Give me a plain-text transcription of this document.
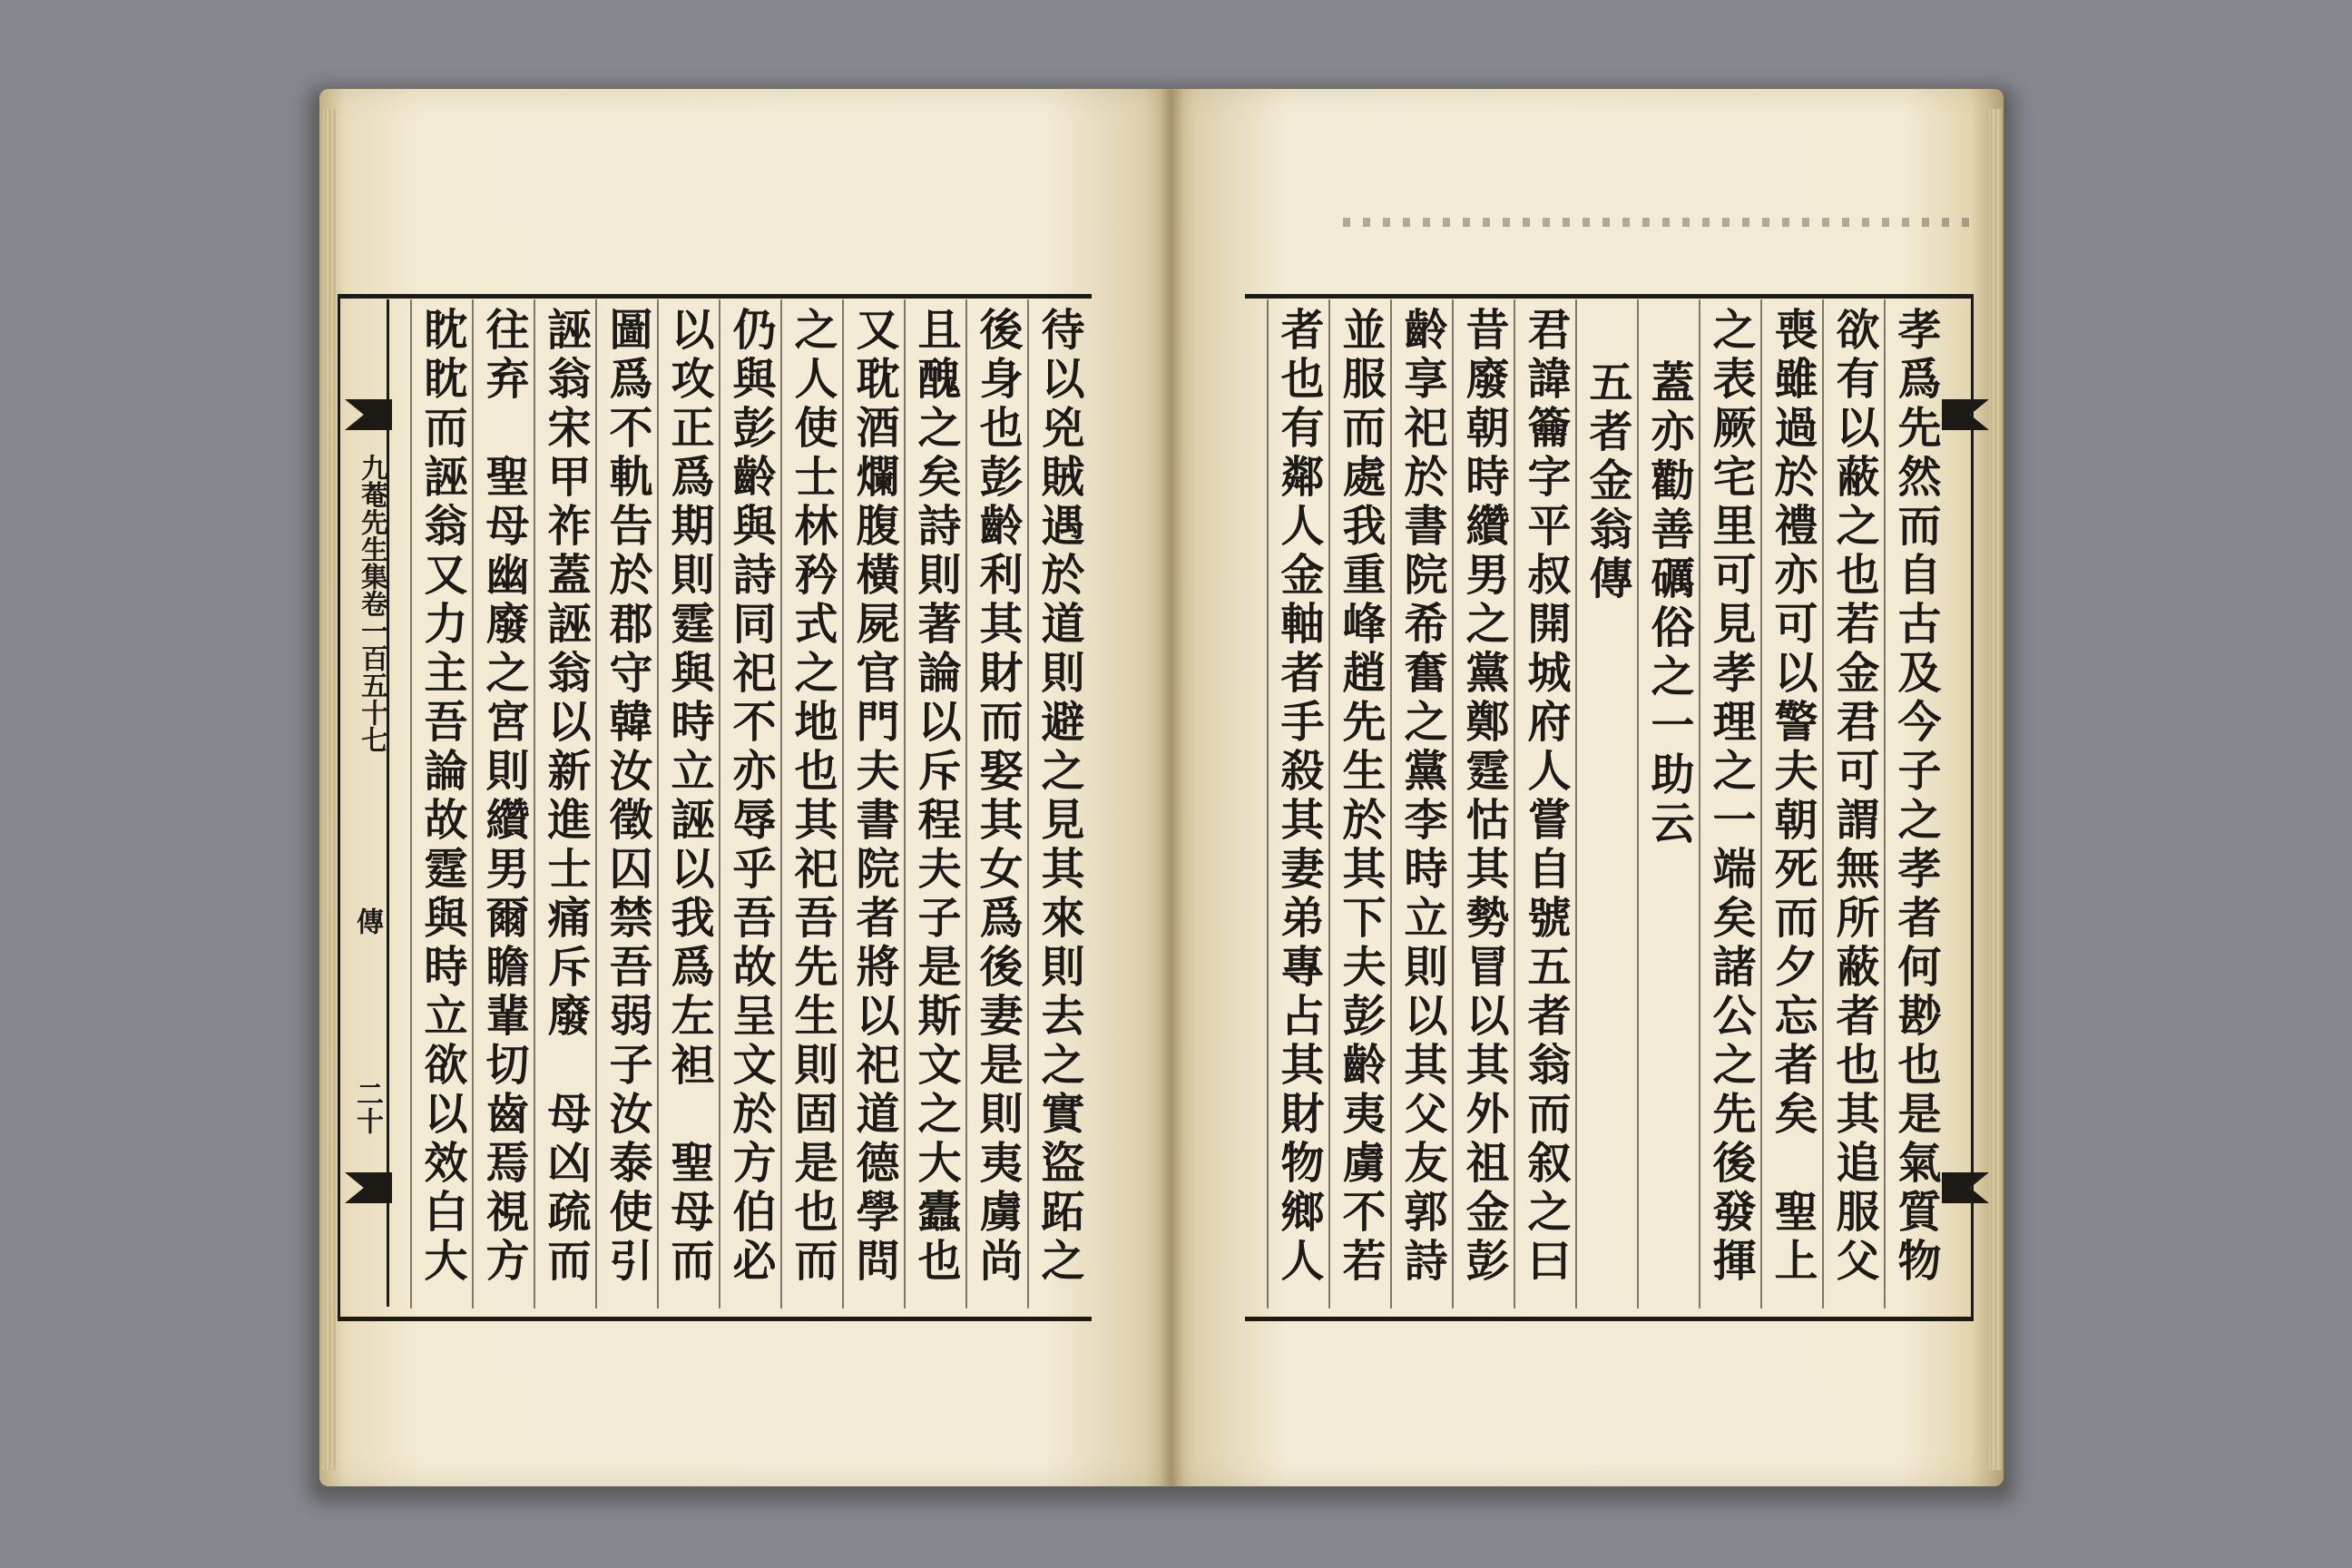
九菴先生集卷一百五十七
傳
二十	待以兇賊遇於道則避之見其來則去之實盜跖之
後身也彭齡利其財而娶其女爲後妻是則夷虜尚
且醜之矣詩則著論以斥程夫子是斯文之大蠹也
又耽酒爛腹橫屍官門夫書院者將以祀道德學問
之人使士林矜式之地也其祀吾先生則固是也而
仍與彭齡與詩同祀不亦辱乎吾故呈文於方伯必
以攻正爲期則霆與時立誣以我爲左袒　聖母而
圖爲不軌告於郡守韓汝徵囚禁吾弱子汝泰使引
誣翁宋甲祚蓋誣翁以新進士痛斥廢　母凶疏而
往弃　聖母幽廢之宮則纘男爾瞻輩切齒焉視方
眈眈而誣翁又力主吾論故霆與時立欲以效白大	孝爲先然而自古及今子之孝者何尠也是氣質物
欲有以蔽之也若金君可謂無所蔽者也其追服父
喪雖過於禮亦可以警夫朝死而夕忘者矣　聖上
之表厥宅里可見孝理之一端矣諸公之先後發揮
蓋亦勸善礪俗之一助云
五者金翁傳
君諱籥字平叔開城府人嘗自號五者翁而叙之曰
昔廢朝時纘男之黨鄭霆怙其勢冒以其外祖金彭
齡享祀於書院希奮之黨李時立則以其父友郭詩
並服而處我重峰趙先生於其下夫彭齡夷虜不若
者也有鄰人金軸者手殺其妻弟專占其財物鄉人
